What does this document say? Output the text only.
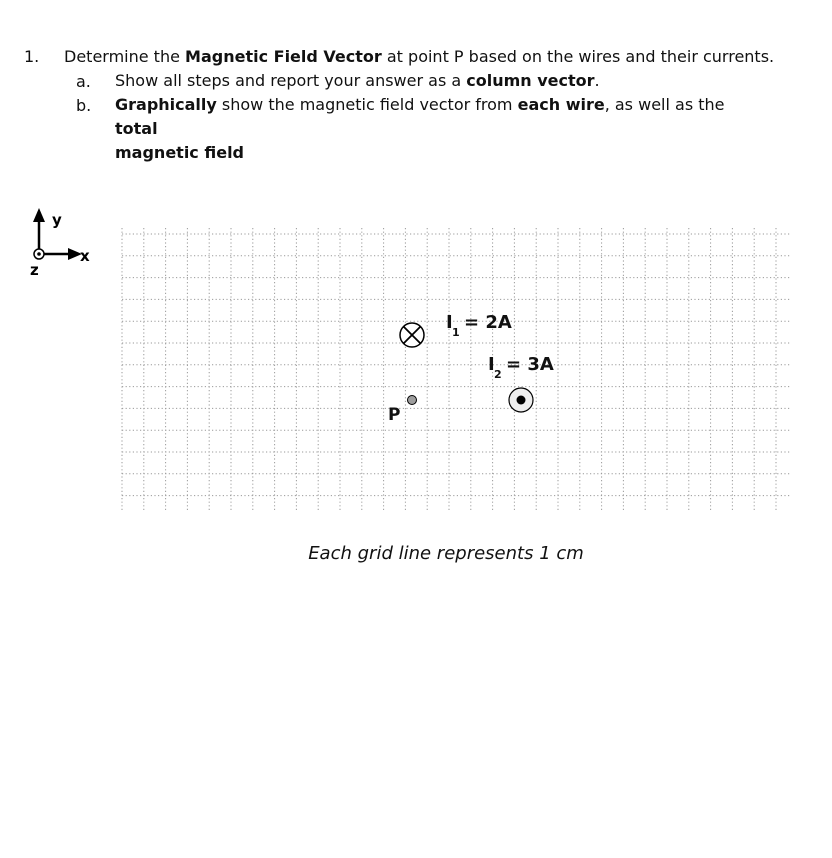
1. Determine the Magnetic Field Vector at point P based on the wires and their currents.
a. Show all steps and report your answer as a column vector.
b. Graphically show the magnetic field vector from each wire, as well as the total
magnetic field
y
x
z
P
I 1 = 2A
I 2 = 3A
Each grid line represents 1 cm
